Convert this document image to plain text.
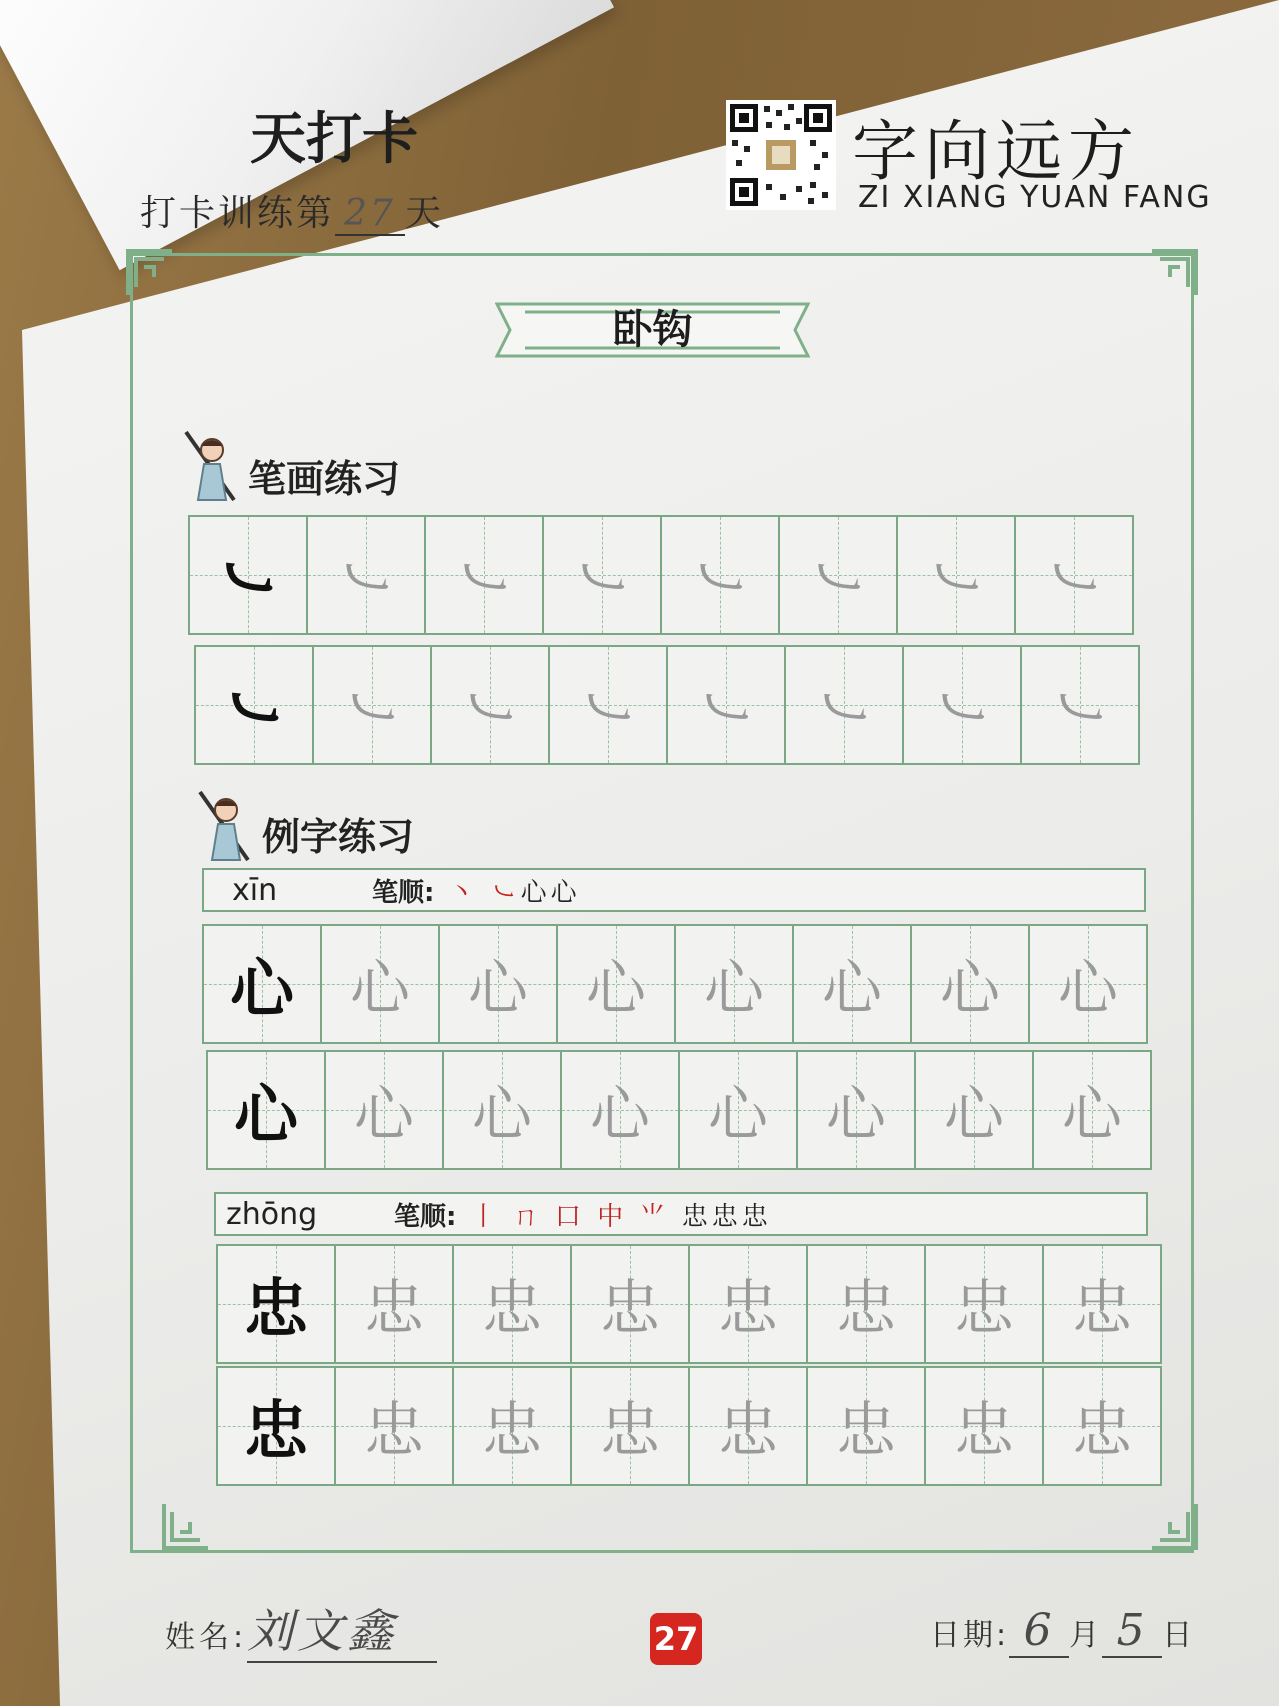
天打卡
打卡训练第 27 天
字向远方
ZI XIANG YUAN FANG
卧钩
笔画练习
㇃ ㇃ ㇃ ㇃ ㇃ ㇃ ㇃ ㇃
㇃ ㇃ ㇃ ㇃ ㇃ ㇃ ㇃ ㇃
例字练习
xīn	笔顺: 丶 ㇃心心
心 心 心 心 心 心 心 心
心 心 心 心 心 心 心 心
zhōng	笔顺: 丨 ㄇ 口 中 ⺌ 忠忠忠
忠 忠 忠 忠 忠 忠 忠 忠
忠 忠 忠 忠 忠 忠 忠 忠
姓名:刘文鑫	27	日期: 6 月 5 日
